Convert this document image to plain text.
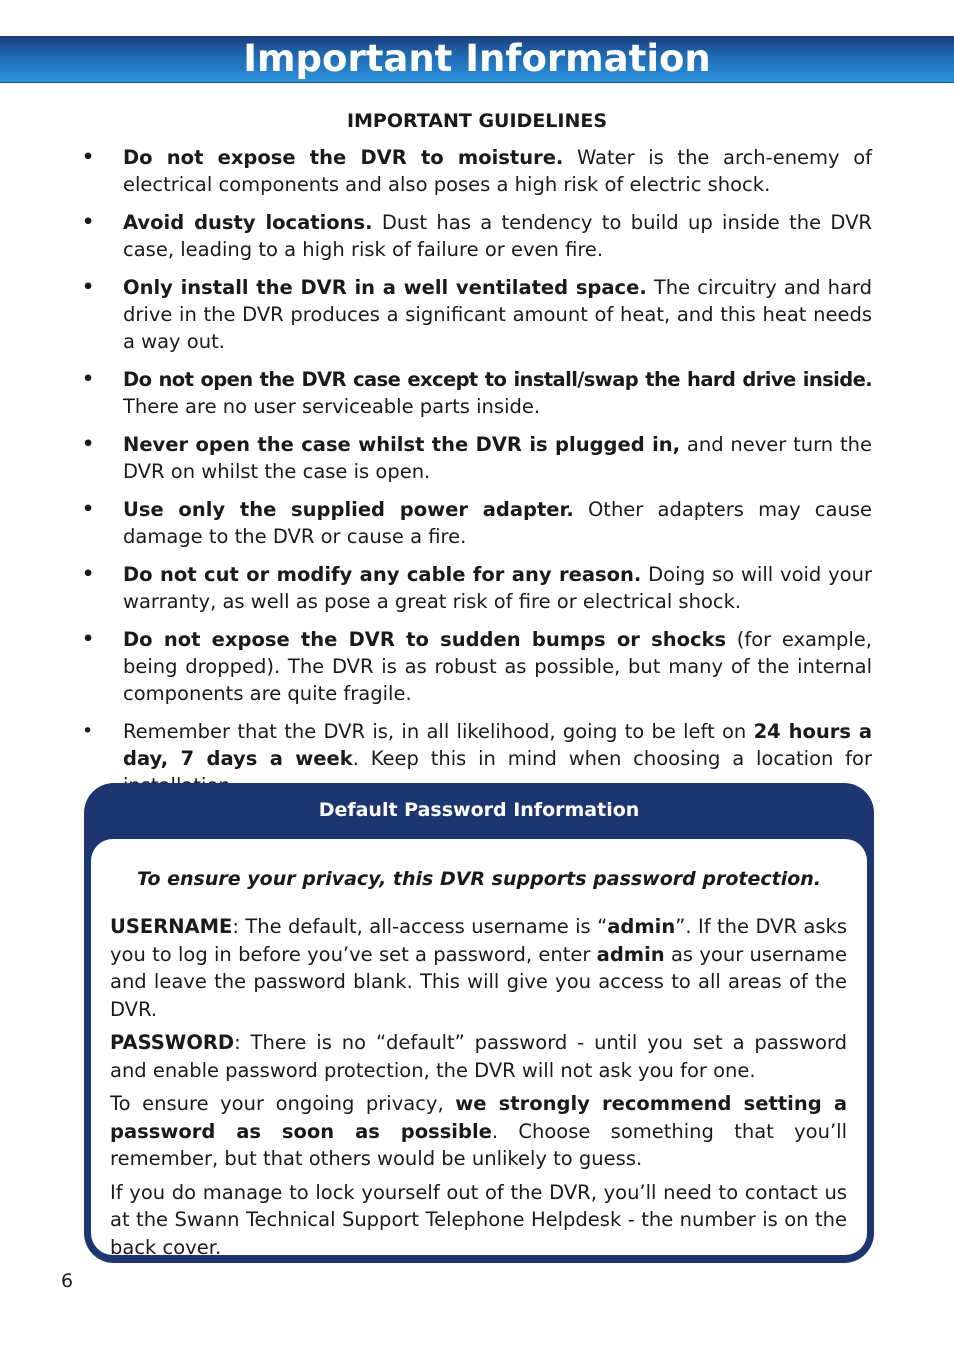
Important Information
IMPORTANT GUIDELINES
• Do not expose the DVR to moisture. Water is the arch-enemy of electrical components and also poses a high risk of electric shock.
• Avoid dusty locations. Dust has a tendency to build up inside the DVR case, leading to a high risk of failure or even fire.
• Only install the DVR in a well ventilated space. The circuitry and hard drive in the DVR produces a significant amount of heat, and this heat needs a way out.
• Do not open the DVR case except to install/swap the hard drive inside. There are no user serviceable parts inside.
• Never open the case whilst the DVR is plugged in, and never turn the DVR on whilst the case is open.
• Use only the supplied power adapter. Other adapters may cause damage to the DVR or cause a fire.
• Do not cut or modify any cable for any reason. Doing so will void your warranty, as well as pose a great risk of fire or electrical shock.
• Do not expose the DVR to sudden bumps or shocks (for example, being dropped). The DVR is as robust as possible, but many of the internal components are quite fragile.
• Remember that the DVR is, in all likelihood, going to be left on 24 hours a day, 7 days a week. Keep this in mind when choosing a location for
Default Password Information
To ensure your privacy, this DVR supports password protection.

USERNAME: The default, all-access username is “admin”. If the DVR asks you to log in before you’ve set a password, enter admin as your username and leave the password blank. This will give you access to all areas of the DVR.

PASSWORD: There is no “default” password - until you set a password and enable password protection, the DVR will not ask you for one.

To ensure your ongoing privacy, we strongly recommend setting a password as soon as possible. Choose something that you’ll remember, but that others would be unlikely to guess.

If you do manage to lock yourself out of the DVR, you’ll need to contact us at the Swann Technical Support Telephone Helpdesk - the number is on the back cover.

6
